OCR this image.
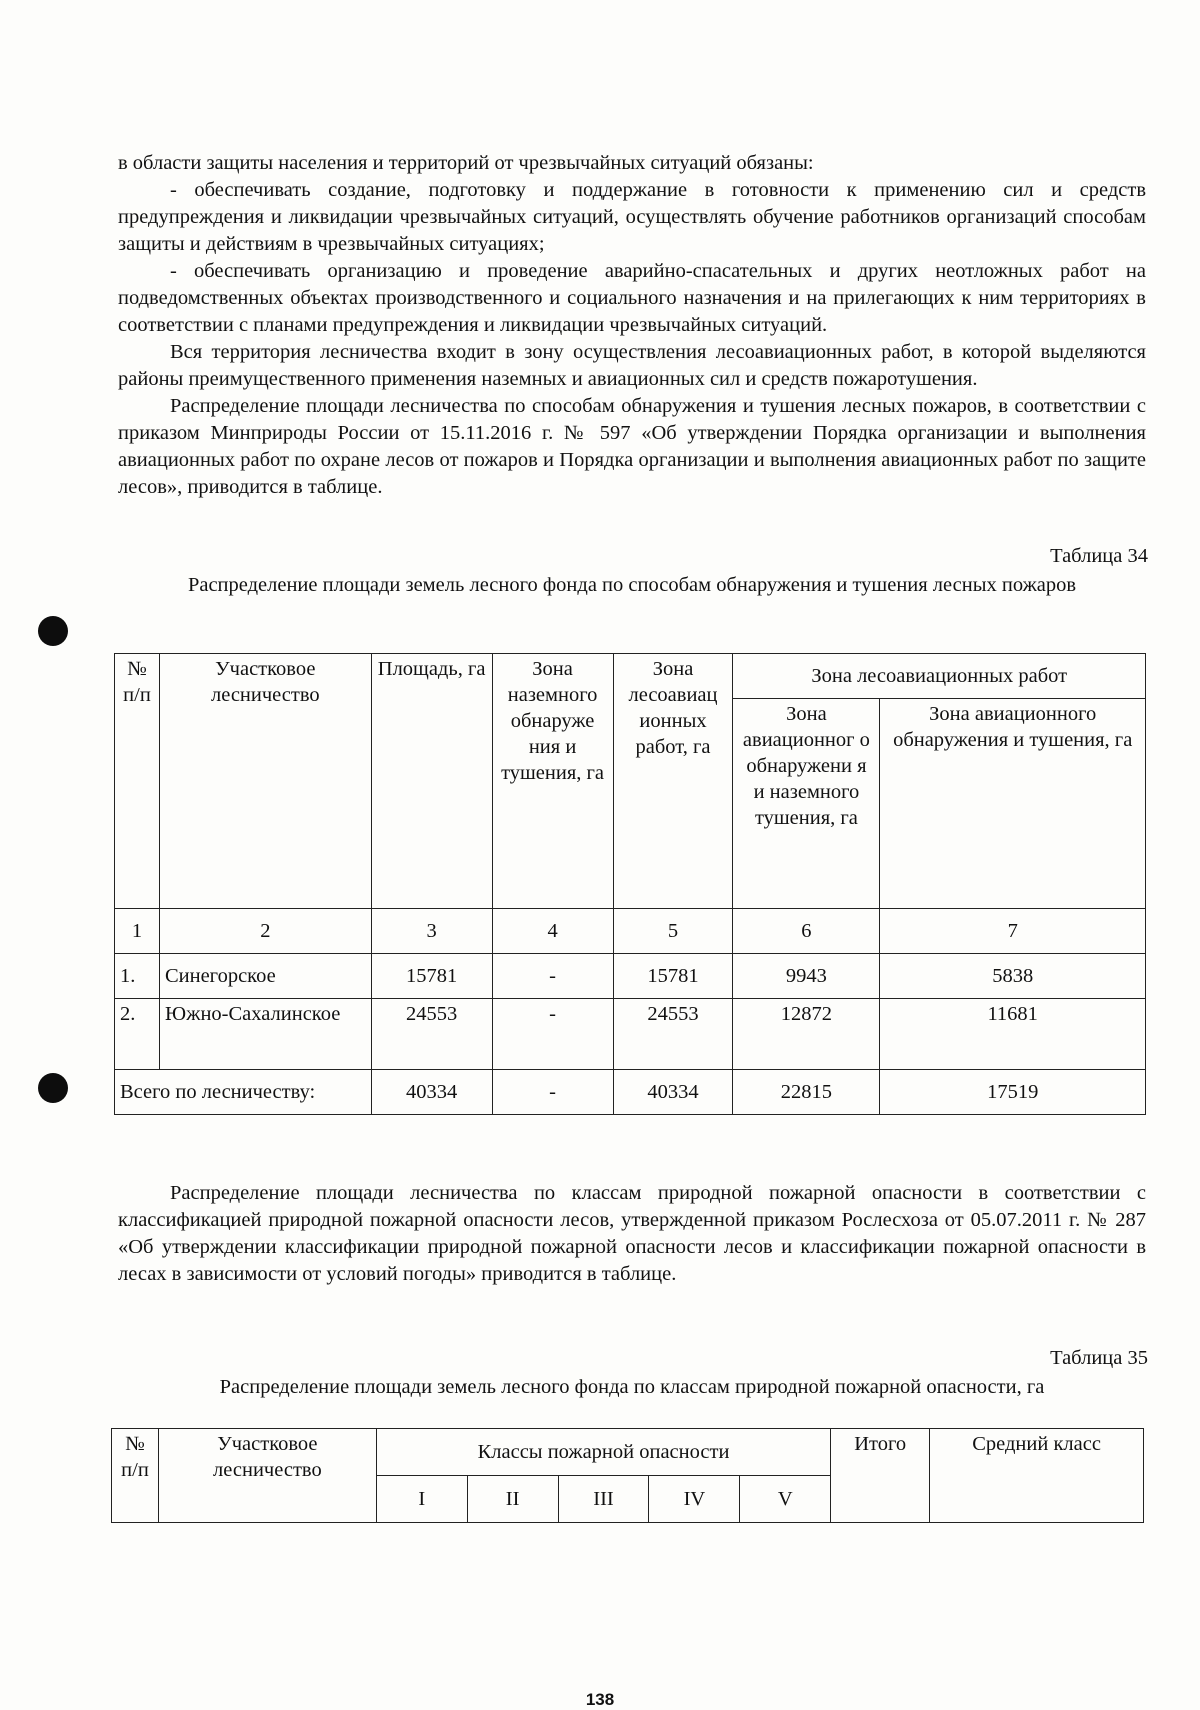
в области защиты населения и территорий от чрезвычайных ситуаций обязаны:

- обеспечивать создание, подготовку и поддержание в готовности к применению сил и средств предупреждения и ликвидации чрезвычайных ситуаций, осуществлять обучение работников организаций способам защиты и действиям в чрезвычайных ситуациях;

- обеспечивать организацию и проведение аварийно-спасательных и других неотложных работ на подведомственных объектах производственного и социального назначения и на прилегающих к ним территориях в соответствии с планами предупреждения и ликвидации чрезвычайных ситуаций.

Вся территория лесничества входит в зону осуществления лесоавиационных работ, в которой выделяются районы преимущественного применения наземных и авиационных сил и средств пожаротушения.

Распределение площади лесничества по способам обнаружения и тушения лесных пожаров, в соответствии с приказом Минприроды России от 15.11.2016 г. № 597 «Об утверждении Порядка организации и выполнения авиационных работ по охране лесов от пожаров и Порядка организации и выполнения авиационных работ по защите лесов», приводится в таблице.

Таблица 34
Распределение площади земель лесного фонда по способам обнаружения и тушения лесных пожаров
№ п/п	Участковое лесничество	Площадь, га	Зона наземного обнаруже ния и тушения, га	Зона лесоавиац ионных работ, га	Зона лесоавиационных работ	
					Зона авиационног о обнаружени я и наземного тушения, га	Зона авиационного обнаружения и тушения, га
1	2	3	4	5	6	7
1.	Синегорское	15781	-	15781	9943	5838
2.	Южно-Сахалинское	24553	-	24553	12872	11681
Всего по лесничеству:		40334	-	40334	22815	17519

Распределение площади лесничества по классам природной пожарной опасности в соответствии с классификацией природной пожарной опасности лесов, утвержденной приказом Рослесхоза от 05.07.2011 г. № 287 «Об утверждении классификации природной пожарной опасности лесов и классификации пожарной опасности в лесах в зависимости от условий погоды» приводится в таблице.

Таблица 35
Распределение площади земель лесного фонда по классам природной пожарной опасности, га
№ п/п	Участковое лесничество	Классы пожарной опасности					Итого	Средний класс
		I	II	III	IV	V		
138
